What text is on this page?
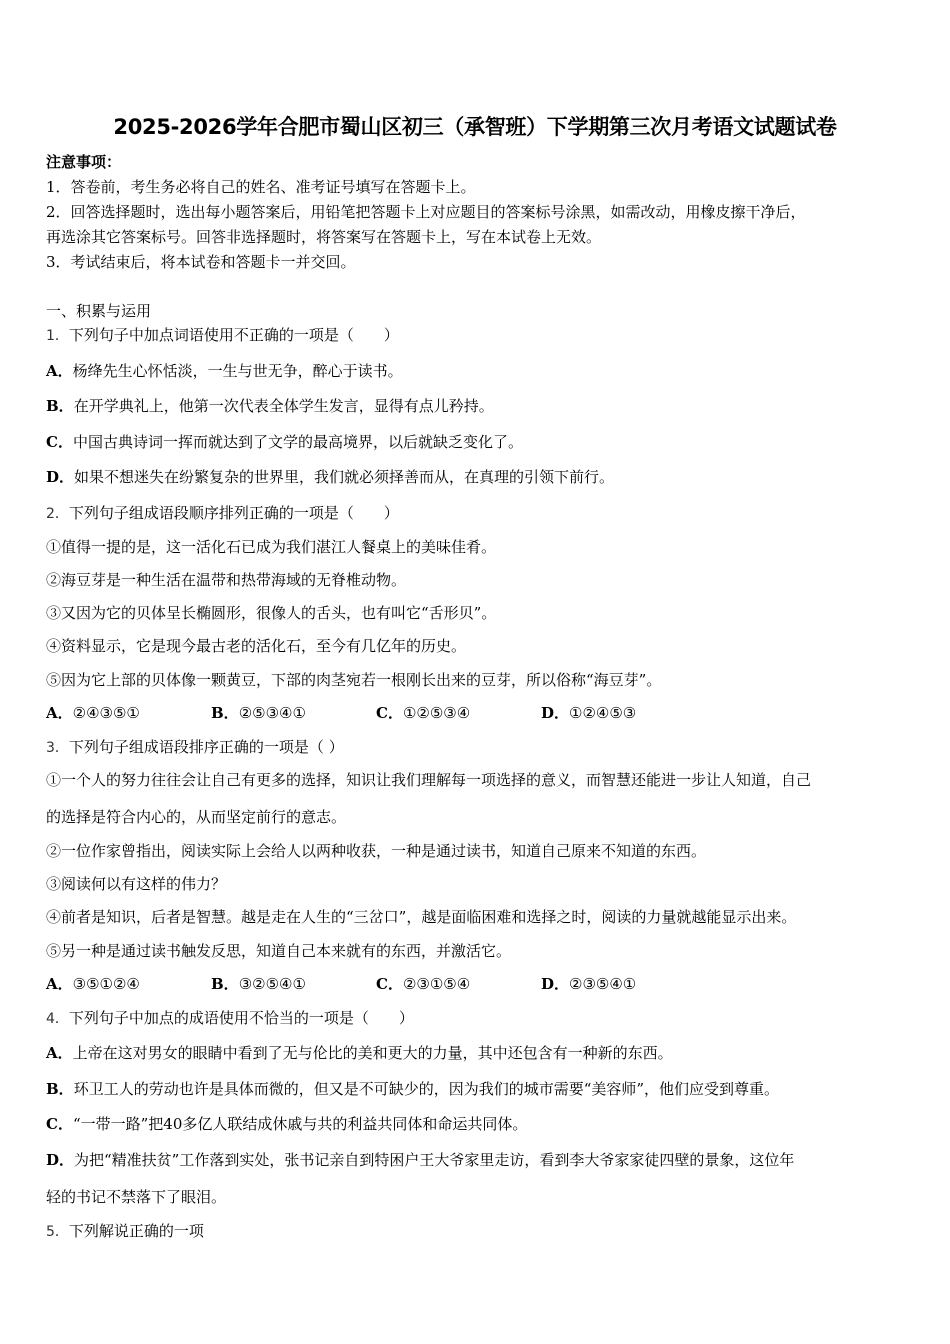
2025-2026学年合肥市蜀山区初三（承智班）下学期第三次月考语文试题试卷
注意事项：
1．答卷前，考生务必将自己的姓名、准考证号填写在答题卡上。
2．回答选择题时，选出每小题答案后，用铅笔把答题卡上对应题目的答案标号涂黑，如需改动，用橡皮擦干净后，
再选涂其它答案标号。回答非选择题时，将答案写在答题卡上，写在本试卷上无效。
3．考试结束后，将本试卷和答题卡一并交回。
一、积累与运用
1．下列句子中加点词语使用不正确的一项是（　　）
A．杨绛先生心怀恬淡，一生与世无争，醉心于读书。
B．在开学典礼上，他第一次代表全体学生发言，显得有点儿矜持。
C．中国古典诗词一挥而就达到了文学的最高境界，以后就缺乏变化了。
D．如果不想迷失在纷繁复杂的世界里，我们就必须择善而从，在真理的引领下前行。
2．下列句子组成语段顺序排列正确的一项是（　　）
①值得一提的是，这一活化石已成为我们湛江人餐桌上的美味佳肴。
②海豆芽是一种生活在温带和热带海域的无脊椎动物。
③又因为它的贝体呈长椭圆形，很像人的舌头，也有叫它“舌形贝”。
④资料显示，它是现今最古老的活化石，至今有几亿年的历史。
⑤因为它上部的贝体像一颗黄豆，下部的肉茎宛若一根刚长出来的豆芽，所以俗称“海豆芽”。
A．②④③⑤①	B．②⑤③④①	C．①②⑤③④	D．①②④⑤③
3．下列句子组成语段排序正确的一项是（ ）
①一个人的努力往往会让自己有更多的选择，知识让我们理解每一项选择的意义，而智慧还能进一步让人知道，自己
的选择是符合内心的，从而坚定前行的意志。
②一位作家曾指出，阅读实际上会给人以两种收获，一种是通过读书，知道自己原来不知道的东西。
③阅读何以有这样的伟力？
④前者是知识，后者是智慧。越是走在人生的“三岔口”，越是面临困难和选择之时，阅读的力量就越能显示出来。
⑤另一种是通过读书触发反思，知道自己本来就有的东西，并激活它。
A．③⑤①②④	B．③②⑤④①	C．②③①⑤④	D．②③⑤④①
4．下列句子中加点的成语使用不恰当的一项是（　　）
A．上帝在这对男女的眼睛中看到了无与伦比的美和更大的力量，其中还包含有一种新的东西。
B．环卫工人的劳动也许是具体而微的，但又是不可缺少的，因为我们的城市需要“美容师”，他们应受到尊重。
C．“一带一路”把40多亿人联结成休戚与共的利益共同体和命运共同体。
D．为把“精准扶贫”工作落到实处，张书记亲自到特困户王大爷家里走访，看到李大爷家家徒四壁的景象，这位年
轻的书记不禁落下了眼泪。
5．下列解说正确的一项
